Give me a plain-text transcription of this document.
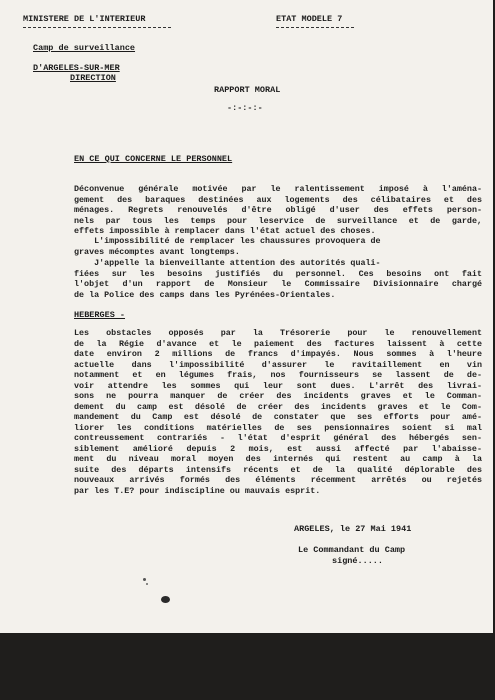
MINISTERE DE L'INTERIEUR	ETAT MODELE 7
Camp de surveillance
D'ARGELES-SUR-MER
DIRECTION
RAPPORT MORAL
-:-:-:-
EN CE QUI CONCERNE LE PERSONNEL
Déconvenue générale motivée par le ralentissement imposé à l'aména-
gement des baraques destinées aux logements des célibataires et des
ménages. Regrets renouvelés d'être obligé d'user des effets person-
nels par tous les temps pour leservice de surveillance et de garde,
effets impossible à remplacer dans l'état actuel des choses.
L'impossibilité de remplacer les chaussures provoquera de
graves mécomptes avant longtemps.
J'appelle la bienveillante attention des autorités quali-
fiées sur les besoins justifiés du personnel. Ces besoins ont fait
l'objet d'un rapport de Monsieur le Commissaire Divisionnaire chargé
de la Police des camps dans les Pyrénées-Orientales.
HEBERGES -
Les obstacles opposés par la Trésorerie pour le renouvellement
de la Régie d'avance et le paiement des factures laissent à cette
date environ 2 millions de francs d'impayés. Nous sommes à l'heure
actuelle dans l'impossibilité d'assurer le ravitaillement en vin
notamment et en légumes frais, nos fournisseurs se lassent de de-
voir attendre les sommes qui leur sont dues. L'arrêt des livrai-
sons ne pourra manquer de créer des incidents graves et le Comman-
dement du camp est désolé de créer des incidents graves et le Com-
mandement du Camp est désolé de constater que ses efforts pour amé-
liorer les conditions matérielles de ses pensionnaires soient si mal
contreussement contrariés - l'état d'esprit général des hébergés sen-
siblement amélioré depuis 2 mois, est aussi affecté par l'abaisse-
ment du niveau moral moyen des internés qui restent au camp à la
suite des départs intensifs récents et de la qualité déplorable des
nouveaux arrivés formés des éléments récemment arrêtés ou rejetés
par les T.E? pour indiscipline ou mauvais esprit.
ARGELES, le 27 Mai 1941
Le Commandant du Camp
signé.....
